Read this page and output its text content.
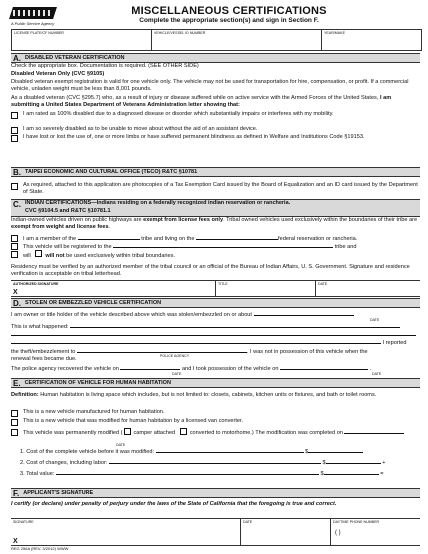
A Public Service Agency
MISCELLANEOUS CERTIFICATIONS
Complete the appropriate section(s) and sign in Section F.
LICENSE PLATE/CF NUMBER	VEHICLE/VESSEL ID NUMBER	YEAR/MAKE
A. DISABLED VETERAN CERTIFICATION
Check the appropriate box. Documentation is required. (SEE OTHER SIDE)
Disabled Veteran Only (CVC §9105)
Disabled veteran exempt registration is valid for one vehicle only. The vehicle may not be used for transportation for hire, compensation, or profit. If a commercial vehicle, unladen weight must be less than 8,001 pounds.
As a disabled veteran (CVC §295.7) who, as a result of injury or disease suffered while on active service with the Armed Forces of the United States, I am submitting a United States Department of Veterans Administration letter showing that:
I am rated as 100% disabled due to a diagnosed disease or disorder which substantially impairs or interferes with my mobility.
I am so severely disabled as to be unable to move about without the aid of an assistant device.
I have lost or lost the use of, one or more limbs or have suffered permanent blindness as defined in Welfare and Institutions Code §19153.
B. TAIPEI ECONOMIC AND CULTURAL OFFICE (TECO) R&TC §10781
As required, attached to this application are photocopies of a Tax Exemption Card issued by the Board of Equalization and an ID card issued by the Department of State.
C. INDIAN CERTIFICATIONS—Indians residing on a federally recognized indian reservation or rancheria.
CVC §9104.5 and R&TC §10781.1
Indian-owned vehicles driven on public highways are exempt from license fees only. Tribal owned vehicles used exclusively within the boundaries of their tribe are exempt from weight and license fees.
I am a member of the	tribe and living on the	federal reservation or rancheria.
This vehicle will be registered to the	tribe and
will	will not be used exclusively within tribal boundaries.
Residency must be verified by an authorized member of the tribal council or an official of the Bureau of Indian Affairs, U. S. Government. Signature and residence verification is acceptable on tribal letterhead.
AUTHORIZED SIGNATURE
X
TITLE	DATE
D. STOLEN OR EMBEZZLED VEHICLE CERTIFICATION
I am owner or title holder of the vehicle described above which was stolen/embezzled on or about
DATE
This is what happened:
I reported
the theft/embezzlement to	. I was not in possession of this vehicle when the
POLICE AGENCY
renewal fees became due.
The police agency recovered the vehicle on	and I took possession of the vehicle on	.
DATE	DATE
E. CERTIFICATION OF VEHICLE FOR HUMAN HABITATION
Definition: Human habitation is living space which includes, but is not limited to: closets, cabinets, kitchen units or fixtures, and bath or toilet rooms.
This is a new vehicle manufactured for human habitation.
This is a new vehicle that was modified for human habitation by a licensed van converter.
This vehicle was permanently modified ( camper attached	converted to motorhome.) The modification was completed on
DATE
1. Cost of the complete vehicle before it was modified:	$
2. Cost of changes, including labor:	$	+
3. Total value:	$	=
F. APPLICANT'S SIGNATURE
I certify (or declare) under penalty of perjury under the laws of the State of California that the foregoing is true and correct.
SIGNATURE
X
DATE	DAYTIME PHONE NUMBER
( )
REG 256A (REV. 3/2012) WWW
